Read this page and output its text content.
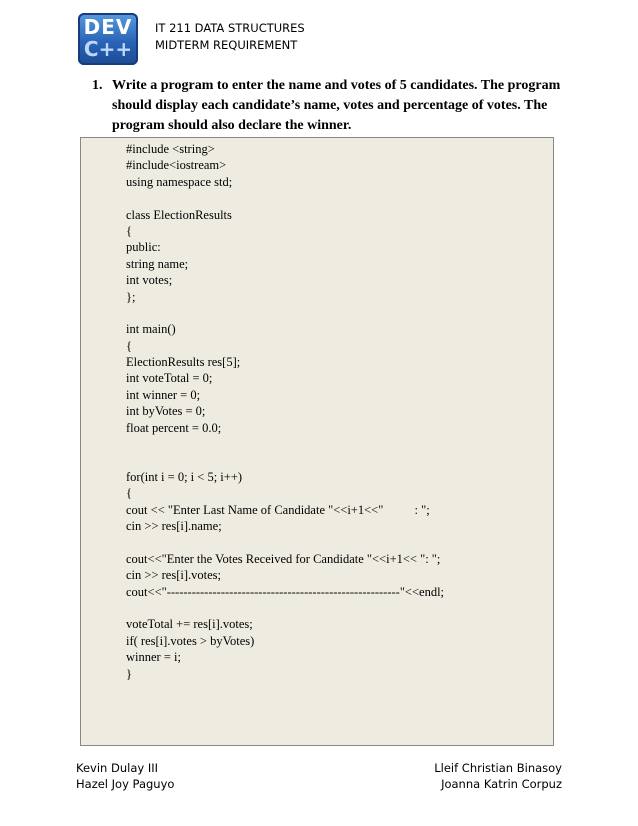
DEV
C++
IT 211 DATA STRUCTURES
MIDTERM REQUIREMENT
1. Write a program to enter the name and votes of 5 candidates. The program should display each candidate’s name, votes and percentage of votes. The program should also declare the winner.
#include <string>
#include<iostream>
using namespace std;
class ElectionResults
{
public:
string name;
int votes;
};
int main()
{
ElectionResults res[5];
int voteTotal = 0;
int winner = 0;
int byVotes = 0;
float percent = 0.0;
for(int i = 0; i < 5; i++)
{
cout << "Enter Last Name of Candidate "<<i+1<<"          : ";
cin >> res[i].name;
cout<<"Enter the Votes Received for Candidate "<<i+1<< ": ";
cin >> res[i].votes;
cout<<"--------------------------------------------------------"<<endl;
voteTotal += res[i].votes;
if( res[i].votes > byVotes)
winner = i;
}
Kevin Dulay III
Hazel Joy Paguyo
Lleif Christian Binasoy
Joanna Katrin Corpuz
